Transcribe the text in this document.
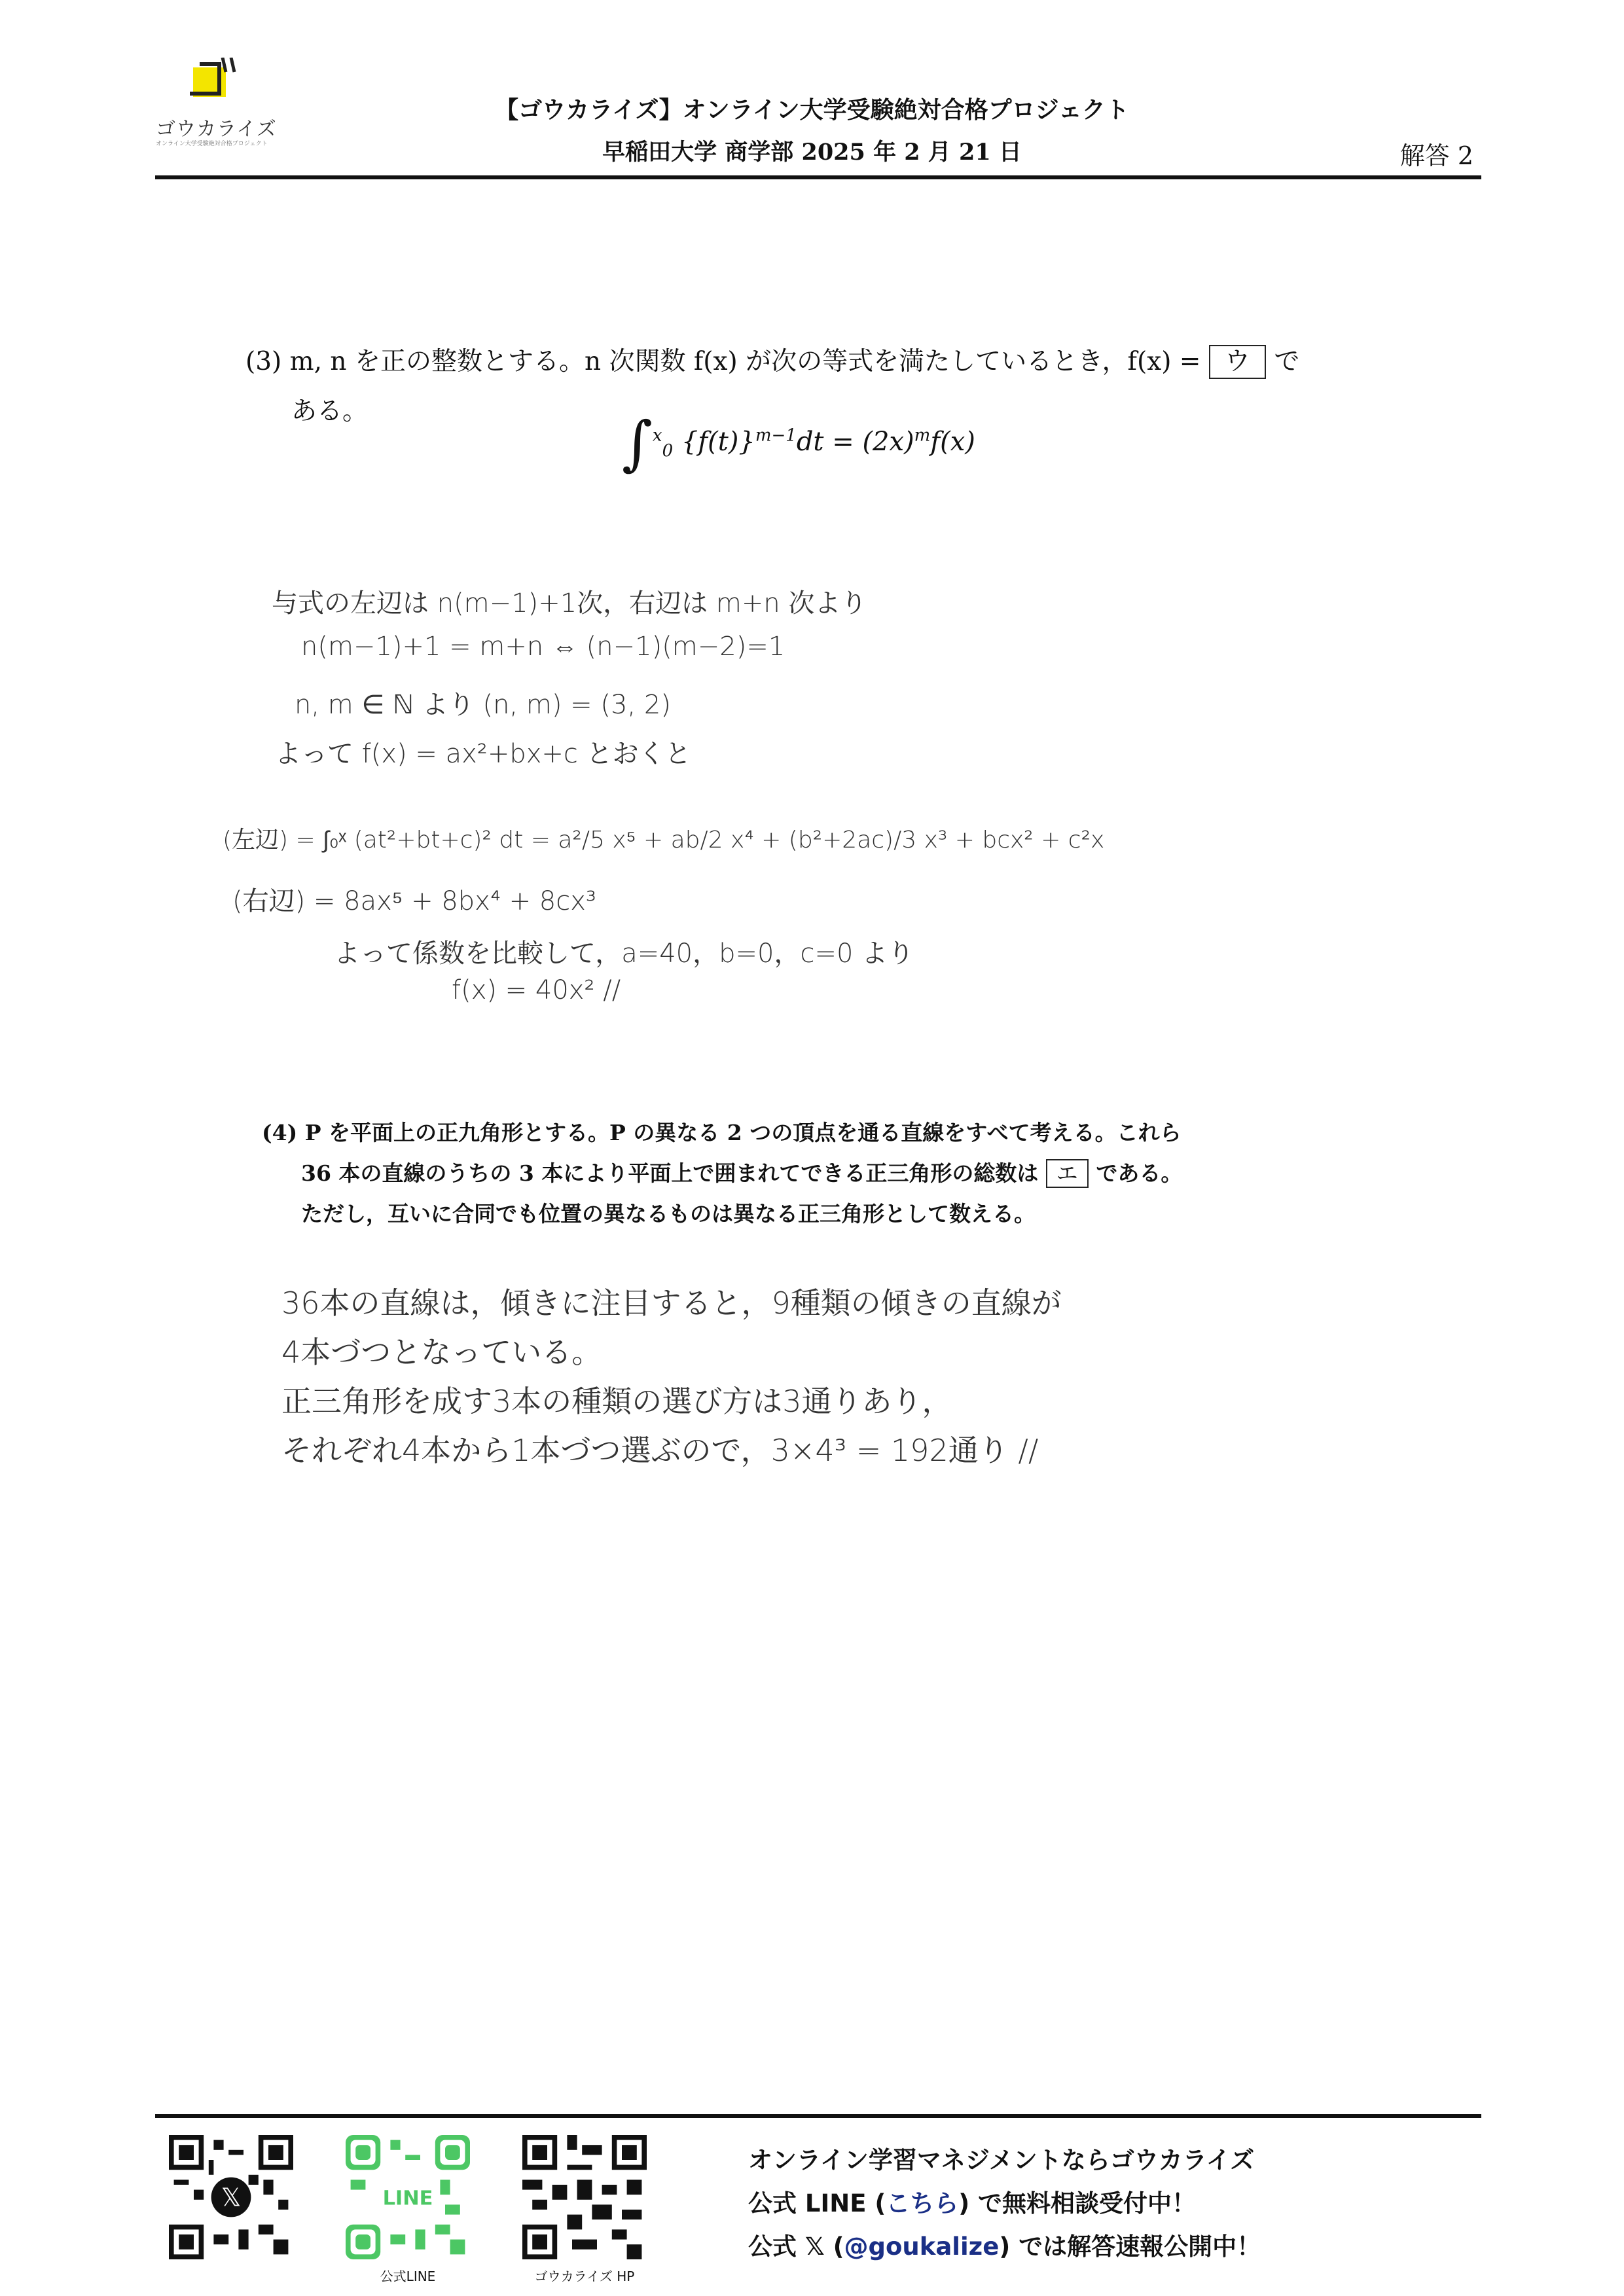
ゴウカライズ
オンライン大学受験絶対合格プロジェクト
【ゴウカライズ】オンライン大学受験絶対合格プロジェクト
早稲田大学 商学部 2025 年 2 月 21 日	解答 2
(3) m, n を正の整数とする。n 次関数 f(x) が次の等式を満たしているとき，f(x) = ウ で
ある。	∫$^x_0$ $\{f(t)\}^{m-1}dt = (2x)^mf(x)$
与式の左辺は n(m−1)+1次，右辺は m+n 次より
n(m−1)+1 = m+n ⇔ (n−1)(m−2)=1
n, m ∈ ℕ より (n, m) = (3, 2)
よって f(x) = ax²+bx+c とおくと
(左辺) = ∫₀ˣ (at²+bt+c)² dt = a²/5 x⁵ + ab/2 x⁴ + (b²+2ac)/3 x³ + bcx² + c²x
(右辺) = 8ax⁵ + 8bx⁴ + 8cx³
よって係数を比較して，a=40，b=0，c=0 より
f(x) = 40x² //
(4) P を平面上の正九角形とする。P の異なる 2 つの頂点を通る直線をすべて考える。これら
36 本の直線のうちの 3 本により平面上で囲まれてできる正三角形の総数は エ である。
ただし，互いに合同でも位置の異なるものは異なる正三角形として数える。
36本の直線は，傾きに注目すると，9種類の傾きの直線が
4本づつとなっている。
正三角形を成す3本の種類の選び方は3通りあり，
それぞれ4本から1本づつ選ぶので，3×4³ = 192通り //
𝕏	LINE
公式LINE	ゴウカライズ HP
オンライン学習マネジメントならゴウカライズ
公式 LINE (こちら) で無料相談受付中！
公式 𝕏 (@goukalize) では解答速報公開中！
